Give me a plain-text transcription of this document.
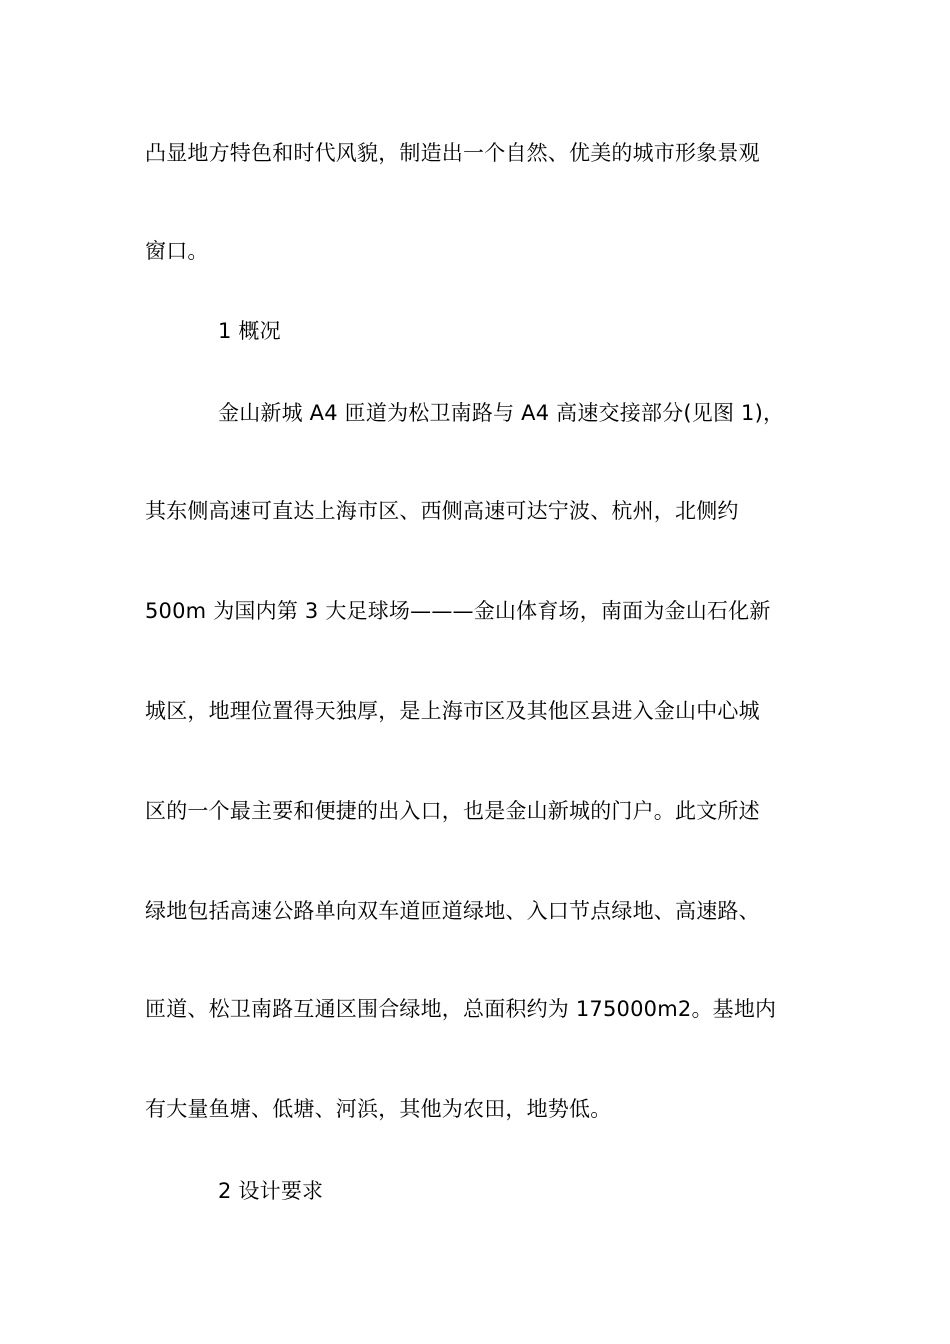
凸显地方特色和时代风貌，制造出一个自然、优美的城市形象景观
窗口。
1 概况
金山新城 A4 匝道为松卫南路与 A4 高速交接部分(见图 1)，
其东侧高速可直达上海市区、西侧高速可达宁波、杭州，北侧约
500m 为国内第 3 大足球场———金山体育场，南面为金山石化新
城区，地理位置得天独厚，是上海市区及其他区县进入金山中心城
区的一个最主要和便捷的出入口，也是金山新城的门户。此文所述
绿地包括高速公路单向双车道匝道绿地、入口节点绿地、高速路、
匝道、松卫南路互通区围合绿地，总面积约为 175000m2。基地内
有大量鱼塘、低塘、河浜，其他为农田，地势低。
2 设计要求
